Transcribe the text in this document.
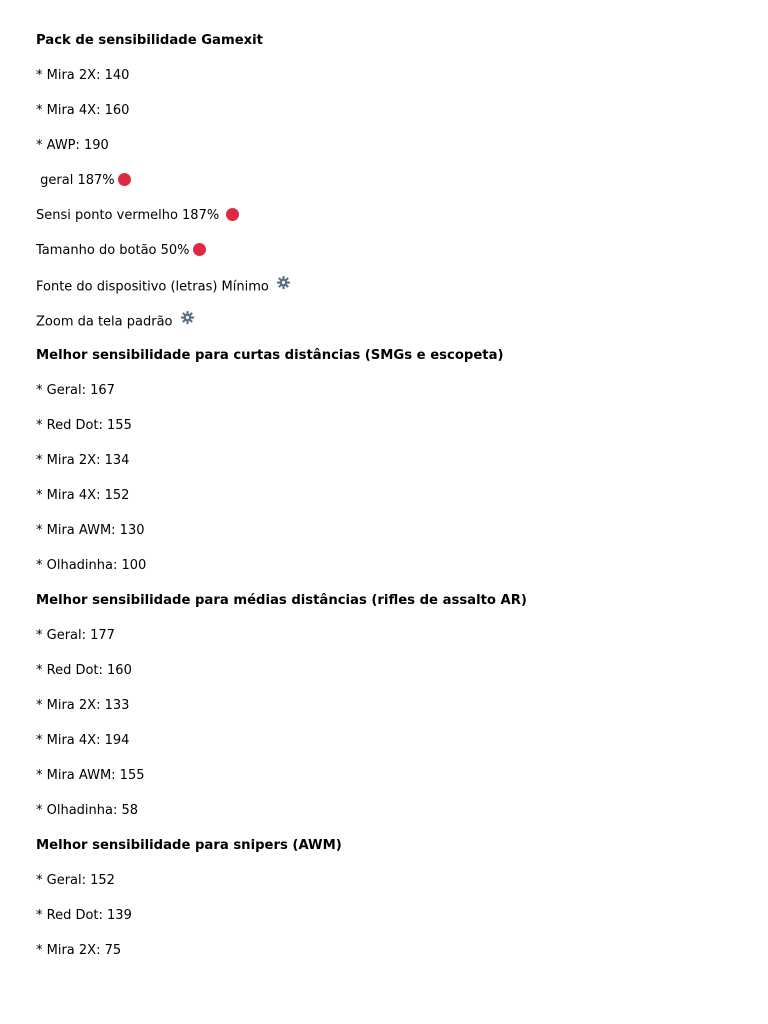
Pack de sensibilidade Gamexit
* Mira 2X: 140
* Mira 4X: 160
* AWP: 190
geral 187%
Sensi ponto vermelho 187%
Tamanho do botão 50%
Fonte do dispositivo (letras) Mínimo
Zoom da tela padrão
Melhor sensibilidade para curtas distâncias (SMGs e escopeta)
* Geral: 167
* Red Dot: 155
* Mira 2X: 134
* Mira 4X: 152
* Mira AWM: 130
* Olhadinha: 100
Melhor sensibilidade para médias distâncias (rifles de assalto AR)
* Geral: 177
* Red Dot: 160
* Mira 2X: 133
* Mira 4X: 194
* Mira AWM: 155
* Olhadinha: 58
Melhor sensibilidade para snipers (AWM)
* Geral: 152
* Red Dot: 139
* Mira 2X: 75
